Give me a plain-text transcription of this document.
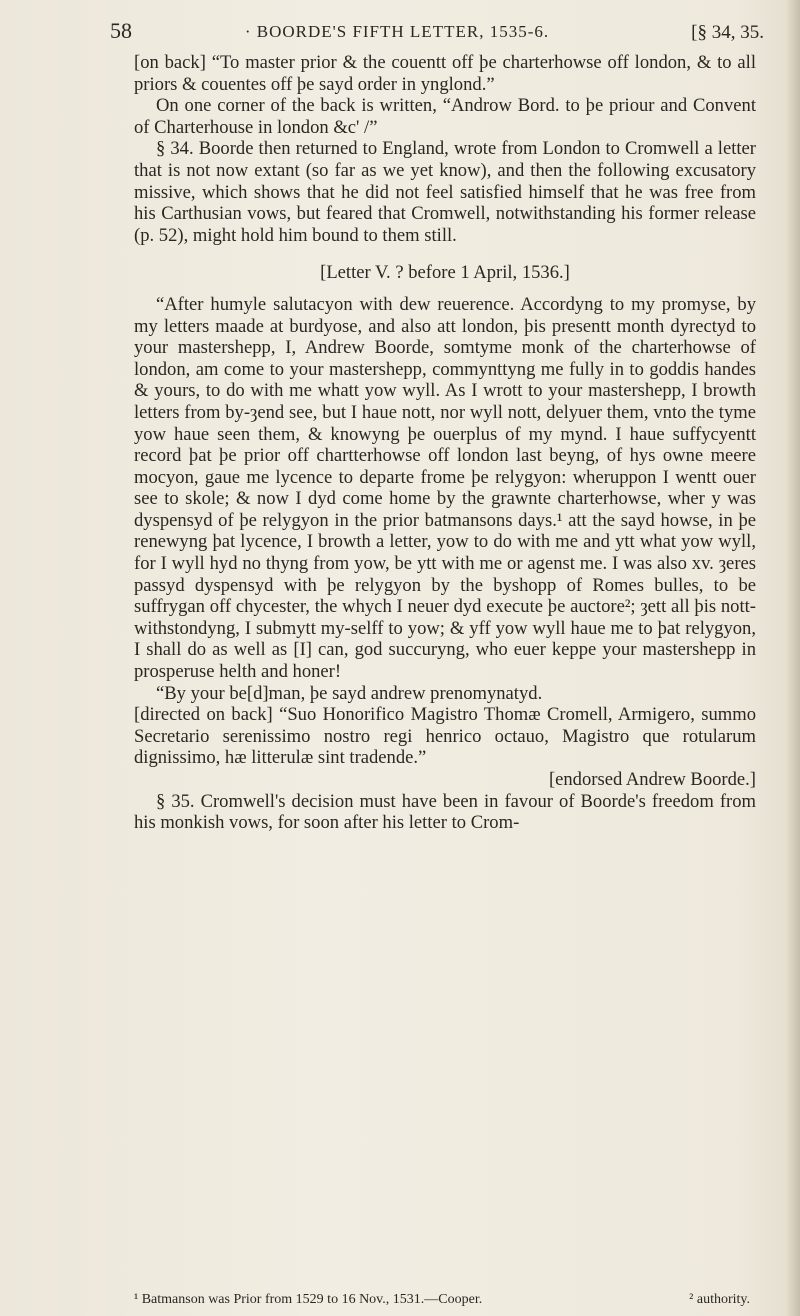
58	· BOORDE'S FIFTH LETTER, 1535-6.	[§ 34, 35.

[on back] “To master prior & the couentt off þe charterhowse off london, & to all priors & couentes off þe sayd order in ynglond.”

On one corner of the back is written, “Androw Bord. to þe priour and Convent of Charterhouse in london &c' /”

§ 34. Boorde then returned to England, wrote from London to Cromwell a letter that is not now extant (so far as we yet know), and then the following excusatory missive, which shows that he did not feel satisfied himself that he was free from his Carthusian vows, but feared that Cromwell, notwithstanding his former release (p. 52), might hold him bound to them still.

[Letter V. ? before 1 April, 1536.]

“After humyle salutacyon with dew reuerence. Accordyng to my promyse, by my letters maade at burdyose, and also att london, þis presentt month dyrectyd to your mastershepp, I, Andrew Boorde, somtyme monk of the charterhowse of london, am come to your mastershepp, commynttyng me fully in to goddis handes & yours, to do with me whatt yow wyll. As I wrott to your mastershepp, I browth letters from by-ȝend see, but I haue nott, nor wyll nott, delyuer them, vnto the tyme yow haue seen them, & knowyng þe ouerplus of my mynd. I haue suffycyentt record þat þe prior off chartterhowse off london last beyng, of hys owne meere mocyon, gaue me lycence to departe frome þe relygyon: wheruppon I wentt ouer see to skole; & now I dyd come home by the grawnte charterhowse, wher y was dyspensyd of þe relygyon in the prior batmansons days.¹ att the sayd howse, in þe renewyng þat lycence, I browth a letter, yow to do with me and ytt what yow wyll, for I wyll hyd no thyng from yow, be ytt with me or agenst me. I was also xv. ȝeres passyd dyspensyd with þe relygyon by the byshopp of Romes bulles, to be suffrygan off chycester, the whych I neuer dyd execute þe auctore²; ȝett all þis nott-withstondyng, I submytt my-selff to yow; & yff yow wyll haue me to þat relygyon, I shall do as well as [I] can, god succuryng, who euer keppe your mastershepp in prosperuse helth and honer!

“By your be[d]man, þe sayd andrew prenomynatyd.

[directed on back] “Suo Honorifico Magistro Thomæ Cromell, Armigero, summo Secretario serenissimo nostro regi henrico octauo, Magistro que rotularum dignissimo, hæ litterulæ sint tradende.”

[endorsed Andrew Boorde.]

§ 35. Cromwell's decision must have been in favour of Boorde's freedom from his monkish vows, for soon after his letter to Crom-

¹ Batmanson was Prior from 1529 to 16 Nov., 1531.—Cooper.	² authority.
